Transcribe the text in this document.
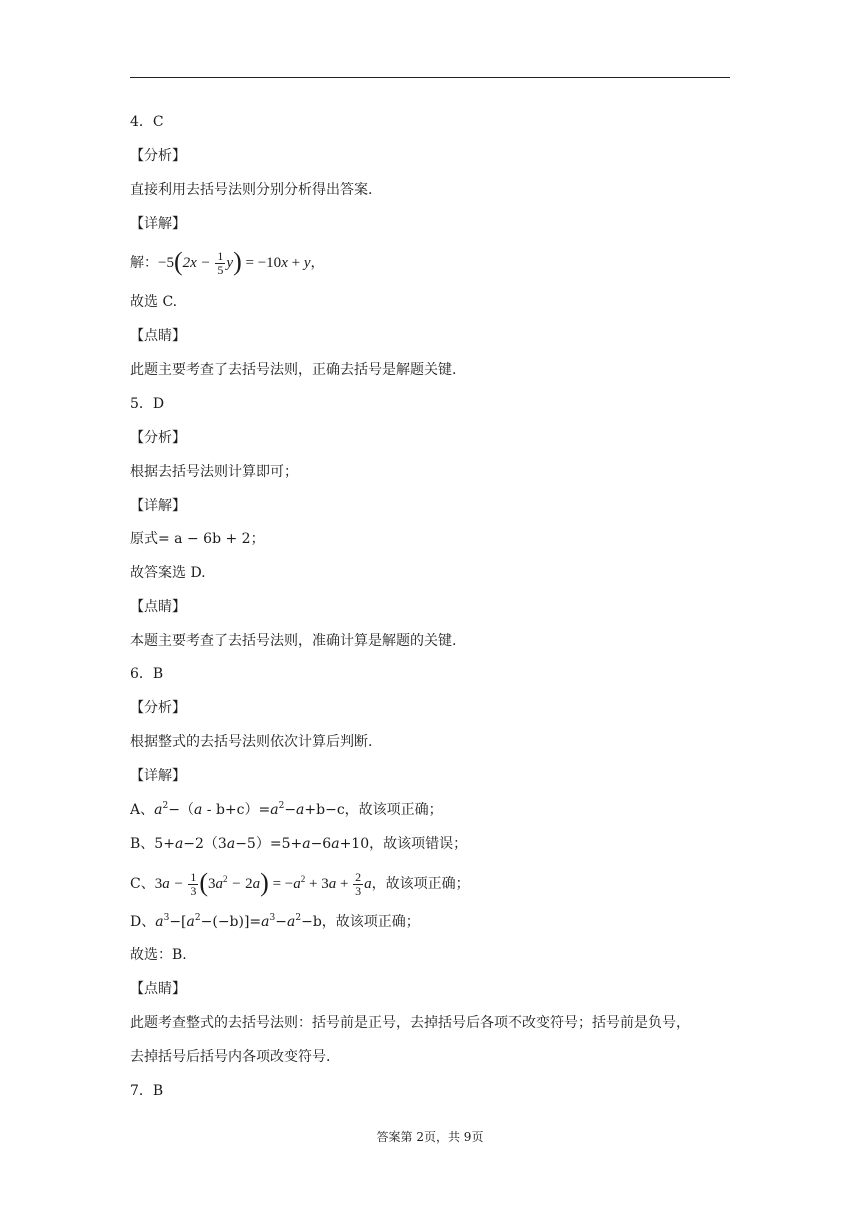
4．C
【分析】
直接利用去括号法则分别分析得出答案.
【详解】
解：$-5(2x - \frac{1}{5} y) = -10x + y$，
故选 C.
【点睛】
此题主要考查了去括号法则，正确去括号是解题关键.
5．D
【分析】
根据去括号法则计算即可；
【详解】
原式= a − 6b + 2；
故答案选 D.
【点睛】
本题主要考查了去括号法则，准确计算是解题的关键.
6．B
【分析】
根据整式的去括号法则依次计算后判断.
【详解】
A、$a^2-(a - b+c)=a^2-a+b-c$，故该项正确；
B、5+a−2（3a−5）=5+a−6a+10，故该项错误；
C、$3a - \frac{1}{3} (3a^2 - 2a) = -a^2 + 3a + \frac{2}{3}$ a，故该项正确；
D、$a^3-[a^2-(-b)]=a^3-a^2-b$，故该项正确；
故选：B.
【点睛】
此题考查整式的去括号法则：括号前是正号，去掉括号后各项不改变符号；括号前是负号，
去掉括号后括号内各项改变符号.
7．B
答案第 2页，共 9页
